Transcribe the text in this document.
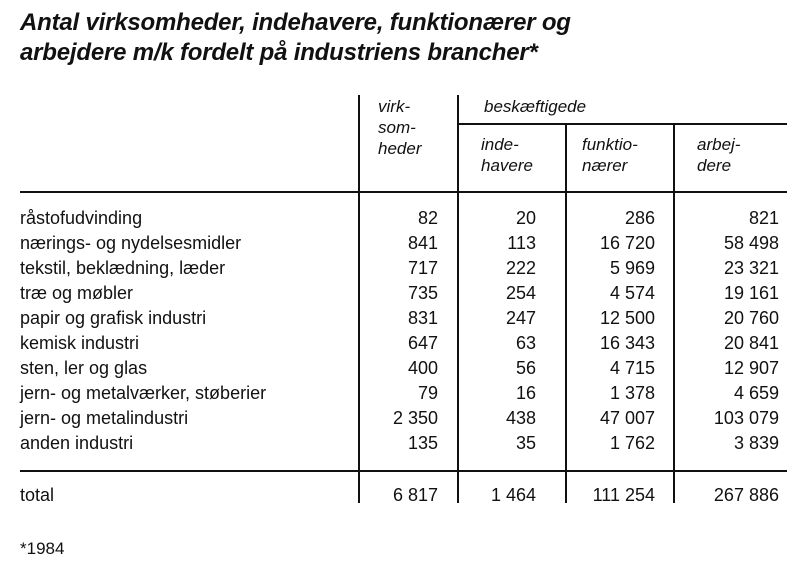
Antal virksomheder, indehavere, funktionærer og
arbejdere m/k fordelt på industriens brancher*
virk-
som-
heder
beskæftigede
inde-
havere
funktio-
nærer
arbej-
dere
råstofudvinding	82	20	286	821
nærings- og nydelsesmidler	841	113	16 720	58 498
tekstil, beklædning, læder	717	222	5 969	23 321
træ og møbler	735	254	4 574	19 161
papir og grafisk industri	831	247	12 500	20 760
kemisk industri	647	63	16 343	20 841
sten, ler og glas	400	56	4 715	12 907
jern- og metalværker, støberier	79	16	1 378	4 659
jern- og metalindustri	2 350	438	47 007	103 079
anden industri	135	35	1 762	3 839
total	6 817	1 464	111 254	267 886
*1984
